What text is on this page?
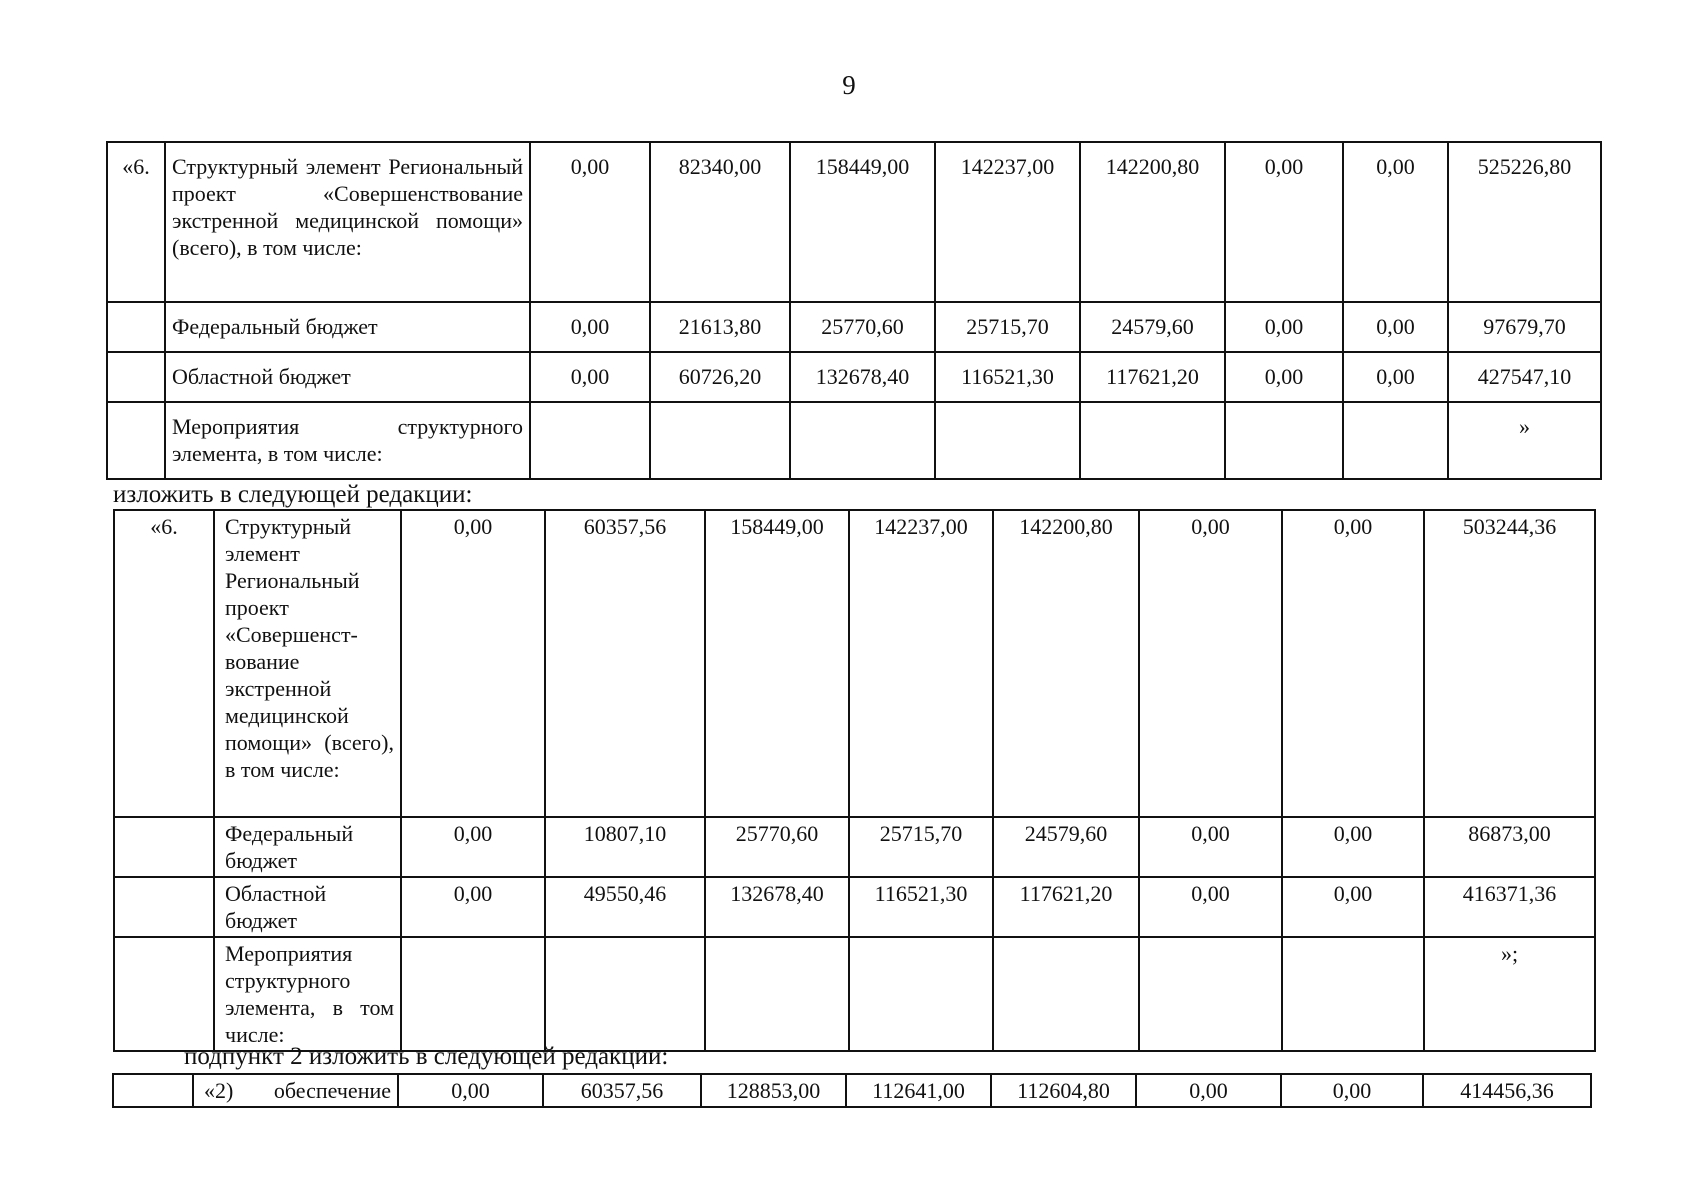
9
«6.	Структурный элемент Региональный проект «Совершенствование экстренной медицинской помощи» (всего), в том числе:	0,00	82340,00	158449,00	142237,00	142200,80	0,00	0,00	525226,80
	Федеральный бюджет	0,00	21613,80	25770,60	25715,70	24579,60	0,00	0,00	97679,70
	Областной бюджет	0,00	60726,20	132678,40	116521,30	117621,20	0,00	0,00	427547,10
	Мероприятия структурного элемента, в том числе:								»
изложить в следующей редакции:
«6.	Структурный элемент Региональный проект «Совершенст-вование экстренной медицинской помощи» (всего), в том числе:	0,00	60357,56	158449,00	142237,00	142200,80	0,00	0,00	503244,36
	Федеральный бюджет	0,00	10807,10	25770,60	25715,70	24579,60	0,00	0,00	86873,00
	Областной бюджет	0,00	49550,46	132678,40	116521,30	117621,20	0,00	0,00	416371,36
	Мероприятия структурного элемента, в том числе:								»;
подпункт 2 изложить в следующей редакции:
	«2) обеспечение	0,00	60357,56	128853,00	112641,00	112604,80	0,00	0,00	414456,36
